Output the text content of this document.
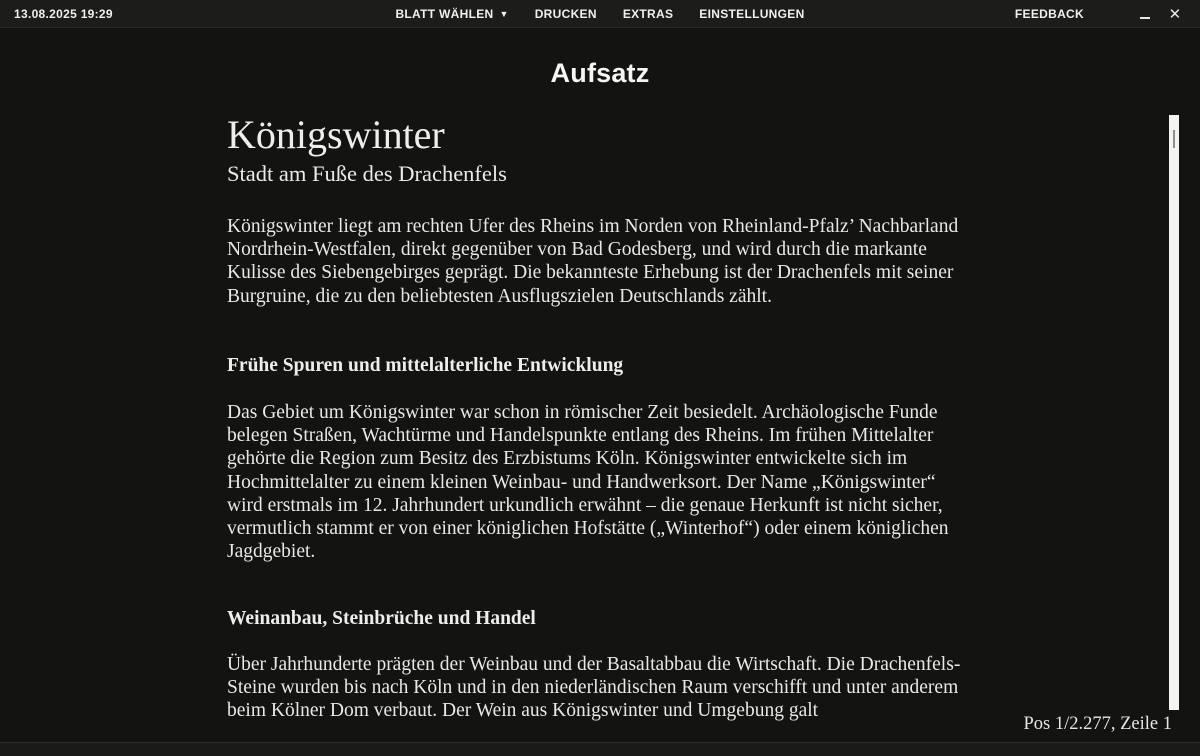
13.08.2025 19:29	BLATT WÄHLEN ▼ DRUCKEN EXTRAS EINSTELLUNGEN	FEEDBACK	✕
Aufsatz
Königswinter
Stadt am Fuße des Drachenfels

Königswinter liegt am rechten Ufer des Rheins im Norden von Rheinland-Pfalz’ Nachbarland Nordrhein-Westfalen, direkt gegenüber von Bad Godesberg, und wird durch die markante Kulisse des Siebengebirges geprägt. Die bekannteste Erhebung ist der Drachenfels mit seiner Burgruine, die zu den beliebtesten Ausflugszielen Deutschlands zählt.

Frühe Spuren und mittelalterliche Entwicklung

Das Gebiet um Königswinter war schon in römischer Zeit besiedelt. Archäologische Funde belegen Straßen, Wachtürme und Handelspunkte entlang des Rheins. Im frühen Mittelalter gehörte die Region zum Besitz des Erzbistums Köln. Königswinter entwickelte sich im Hochmittelalter zu einem kleinen Weinbau- und Handwerksort. Der Name „Königswinter“ wird erstmals im 12. Jahrhundert urkundlich erwähnt – die genaue Herkunft ist nicht sicher, vermutlich stammt er von einer königlichen Hofstätte („Winterhof“) oder einem königlichen Jagdgebiet.

Weinanbau, Steinbrüche und Handel

Über Jahrhunderte prägten der Weinbau und der Basaltabbau die Wirtschaft. Die Drachenfels-Steine wurden bis nach Köln und in den niederländischen Raum verschifft und unter anderem beim Kölner Dom verbaut. Der Wein aus Königswinter und Umgebung galt

Pos 1/2.277, Zeile 1
